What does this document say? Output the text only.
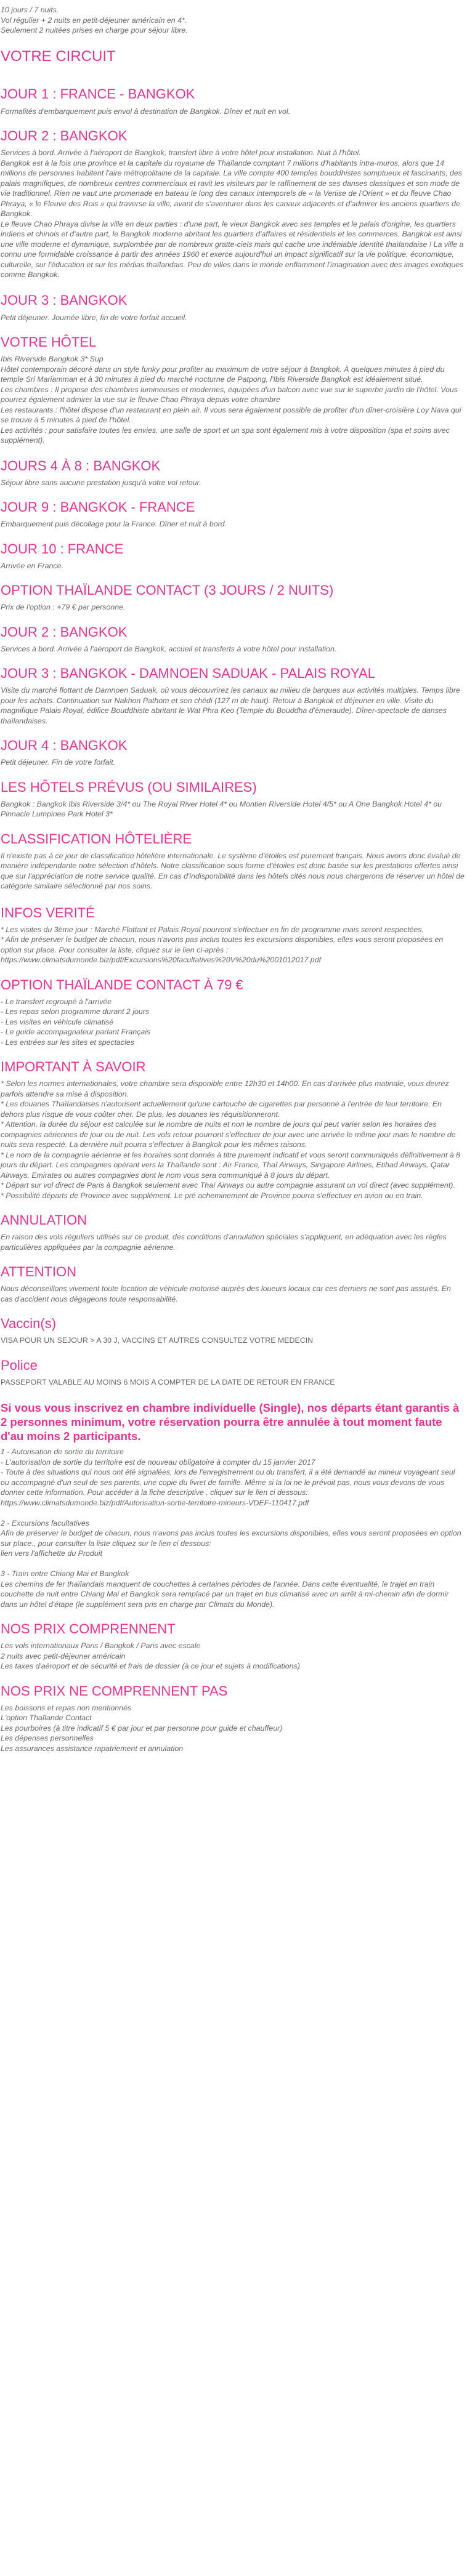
10 jours / 7 nuits.
Vol régulier + 2 nuits en petit-déjeuner américain en 4*.
Seulement 2 nuitées prises en charge pour séjour libre.

VOTRE CIRCUIT
JOUR 1 : FRANCE - BANGKOK

Formalités d'embarquement puis envol à destination de Bangkok. Dîner et nuit en vol.

JOUR 2 : BANGKOK

Services à bord. Arrivée à l'aéroport de Bangkok, transfert libre à votre hôtel pour installation. Nuit à l'hôtel.
Bangkok est à la fois une province et la capitale du royaume de Thaïlande comptant 7 millions d'habitants intra-muros, alors que 14 millions de personnes habitent l'aire métropolitaine de la capitale. La ville compte 400 temples bouddhistes somptueux et fascinants, des palais magnifiques, de nombreux centres commerciaux et ravit les visiteurs par le raffinement de ses danses classiques et son mode de vie traditionnel. Rien ne vaut une promenade en bateau le long des canaux intemporels de « la Venise de l'Orient » et du fleuve Chao Phraya, « le Fleuve des Rois » qui traverse la ville, avant de s'aventurer dans les canaux adjacents et d'admirer les anciens quartiers de Bangkok.
Le fleuve Chao Phraya divise la ville en deux parties : d'une part, le vieux Bangkok avec ses temples et le palais d'origine, les quartiers indiens et chinois et d'autre part, le Bangkok moderne abritant les quartiers d'affaires et résidentiels et les commerces. Bangkok est ainsi une ville moderne et dynamique, surplombée par de nombreux gratte-ciels mais qui cache une indéniable identité thaïlandaise ! La ville a connu une formidable croissance à partir des années 1960 et exerce aujourd'hui un impact significatif sur la vie politique, économique, culturelle, sur l'éducation et sur les médias thaïlandais. Peu de villes dans le monde enflamment l'imagination avec des images exotiques comme Bangkok.

JOUR 3 : BANGKOK

Petit déjeuner. Journée libre, fin de votre forfait accueil.

VOTRE HÔTEL

Ibis Riverside Bangkok 3* Sup
Hôtel contemporain décoré dans un style funky pour profiter au maximum de votre séjour à Bangkok. À quelques minutes à pied du temple Sri Mariamman et à 30 minutes à pied du marché nocturne de Patpong, l'Ibis Riverside Bangkok est idéalement situé.
Les chambres : Il propose des chambres lumineuses et modernes, équipées d'un balcon avec vue sur le superbe jardin de l'hôtel. Vous pourrez également admirer la vue sur le fleuve Chao Phraya depuis votre chambre
Les restaurants : l'hôtel dispose d'un restaurant en plein air. Il vous sera également possible de profiter d'un dîner-croisière Loy Nava qui se trouve à 5 minutes à pied de l'hôtel.
Les activités : pour satisfaire toutes les envies, une salle de sport et un spa sont également mis à votre disposition (spa et soins avec supplément).

JOURS 4 À 8 : BANGKOK

Séjour libre sans aucune prestation jusqu'à votre vol retour.

JOUR 9 : BANGKOK - FRANCE

Embarquement puis décollage pour la France. Dîner et nuit à bord.

JOUR 10 : FRANCE

Arrivée en France.

OPTION THAÏLANDE CONTACT (3 JOURS / 2 NUITS)

Prix de l'option : +79 € par personne.

JOUR 2 : BANGKOK

Services à bord. Arrivée à l'aéroport de Bangkok, accueil et transferts à votre hôtel pour installation.

JOUR 3 : BANGKOK - DAMNOEN SADUAK - PALAIS ROYAL

Visite du marché flottant de Damnoen Saduak, où vous découvrirez les canaux au milieu de barques aux activités multiples. Temps libre pour les achats. Continuation sur Nakhon Pathom et son chédi (127 m de haut). Retour à Bangkok et déjeuner en ville. Visite du magnifique Palais Royal, édifice Bouddhiste abritant le Wat Phra Keo (Temple du Bouddha d'émeraude). Dîner-spectacle de danses thaïlandaises.

JOUR 4 : BANGKOK

Petit déjeuner. Fin de votre forfait.

LES HÔTELS PRÉVUS (OU SIMILAIRES)

Bangkok : Bangkok Ibis Riverside 3/4* ou The Royal River Hotel 4* ou Montien Riverside Hotel 4/5* ou A One Bangkok Hotel 4* ou Pinnacle Lumpinee Park Hotel 3*

CLASSIFICATION HÔTELIÈRE

Il n'existe pas à ce jour de classification hôtelière internationale. Le système d'étoiles est purement français. Nous avons donc évalué de manière indépendante notre sélection d'hôtels. Notre classification sous forme d'étoiles est donc basée sur les prestations offertes ainsi que sur l'appréciation de notre service qualité. En cas d'indisponibilité dans les hôtels cités nous nous chargerons de réserver un hôtel de catégorie similaire sélectionné par nos soins.

INFOS VERITÉ

* Les visites du 3ème jour : Marché Flottant et Palais Royal pourront s'effectuer en fin de programme mais seront respectées.
* Afin de préserver le budget de chacun, nous n'avons pas inclus toutes les excursions disponibles, elles vous seront proposées en option sur place. Pour consulter la liste, cliquez sur le lien ci-après : https://www.climatsdumonde.biz/pdf/Excursions%20facultatives%20V%20du%2001012017.pdf

OPTION THAÏLANDE CONTACT À 79 €

- Le transfert regroupé à l'arrivée
- Les repas selon programme durant 2 jours
- Les visites en véhicule climatisé
- Le guide accompagnateur parlant Français
- Les entrées sur les sites et spectacles

IMPORTANT À SAVOIR

* Selon les normes internationales, votre chambre sera disponible entre 12h30 et 14h00. En cas d'arrivée plus matinale, vous devrez parfois attendre sa mise à disposition.
* Les douanes Thaïlandaises n'autorisent actuellement qu'une cartouche de cigarettes par personne à l'entrée de leur territoire. En dehors plus risque de vous coûter cher. De plus, les douanes les réquisitionneront.
* Attention, la durée du séjour est calculée sur le nombre de nuits et non le nombre de jours qui peut varier selon les horaires des compagnies aériennes de jour ou de nuit. Les vols retour pourront s'effectuer de jour avec une arrivée le même jour mais le nombre de nuits sera respecté. La dernière nuit pourra s'effectuer à Bangkok pour les mêmes raisons.
* Le nom de la compagnie aérienne et les horaires sont donnés à titre purement indicatif et vous seront communiqués définitivement à 8 jours du départ. Les compagnies opérant vers la Thaïlande sont : Air France, Thaï Airways, Singapore Airlines, Etihad Airways, Qatar Airways, Emirates ou autres compagnies dont le nom vous sera communiqué à 8 jours du départ.
* Départ sur vol direct de Paris à Bangkok seulement avec Thaï Airways ou autre compagnie assurant un vol direct (avec supplément).
* Possibilité départs de Province avec supplément. Le pré acheminement de Province pourra s'effectuer en avion ou en train.

ANNULATION

En raison des vols réguliers utilisés sur ce produit, des conditions d'annulation spéciales s'appliquent, en adéquation avec les règles particulières appliquées par la compagnie aérienne.

ATTENTION

Nous déconseillons vivement toute location de véhicule motorisé auprès des loueurs locaux car ces derniers ne sont pas assurés. En cas d'accident nous dégageons toute responsabilité.

Vaccin(s)

VISA POUR UN SEJOUR > A 30 J, VACCINS ET AUTRES CONSULTEZ VOTRE MEDECIN

Police

PASSEPORT VALABLE AU MOINS 6 MOIS A COMPTER DE LA DATE DE RETOUR EN FRANCE

Si vous vous inscrivez en chambre individuelle (Single), nos départs étant garantis à 2 personnes minimum, votre réservation pourra être annulée à tout moment faute d'au moins 2 participants.

1 - Autorisation de sortie du territoire
- L'autorisation de sortie du territoire est de nouveau obligatoire à compter du 15 janvier 2017
- Toute à des situations qui nous ont été signalées, lors de l'enregistrement ou du transfert, il a été demandé au mineur voyageant seul ou accompagné d'un seul de ses parents, une copie du livret de famille. Même si la loi ne le prévoit pas, nous vous devons de vous donner cette information. Pour accéder à la fiche descriptive , cliquer sur le lien ci dessous: https://www.climatsdumonde.biz/pdf/Autorisation-sortie-territoire-mineurs-VDEF-110417.pdf

2 - Excursions facultatives
Afin de préserver le budget de chacun, nous n'avons pas inclus toutes les excursions disponibles, elles vous seront proposées en option sur place., pour consulter la liste cliquez sur le lien ci dessous:
lien vers l'affichette du Produit

3 - Train entre Chiang Mai et Bangkok
Les chemins de fer thaïlandais manquent de couchettes à certaines périodes de l'année. Dans cette éventualité, le trajet en train couchette de nuit entre Chiang Mai et Bangkok sera remplacé par un trajet en bus climatisé avec un arrêt à mi-chemin afin de dormir dans un hôtel d'étape (le supplément sera pris en charge par Climats du Monde).

NOS PRIX COMPRENNENT

Les vols internationaux Paris / Bangkok / Paris avec escale
2 nuits avec petit-déjeuner américain
Les taxes d'aéroport et de sécurité et frais de dossier (à ce jour et sujets à modifications)

NOS PRIX NE COMPRENNENT PAS

Les boissons et repas non mentionnés
L'option Thaïlande Contact
Les pourboires (à titre indicatif 5 € par jour et par personne pour guide et chauffeur)
Les dépenses personnelles
Les assurances assistance rapatriement et annulation
